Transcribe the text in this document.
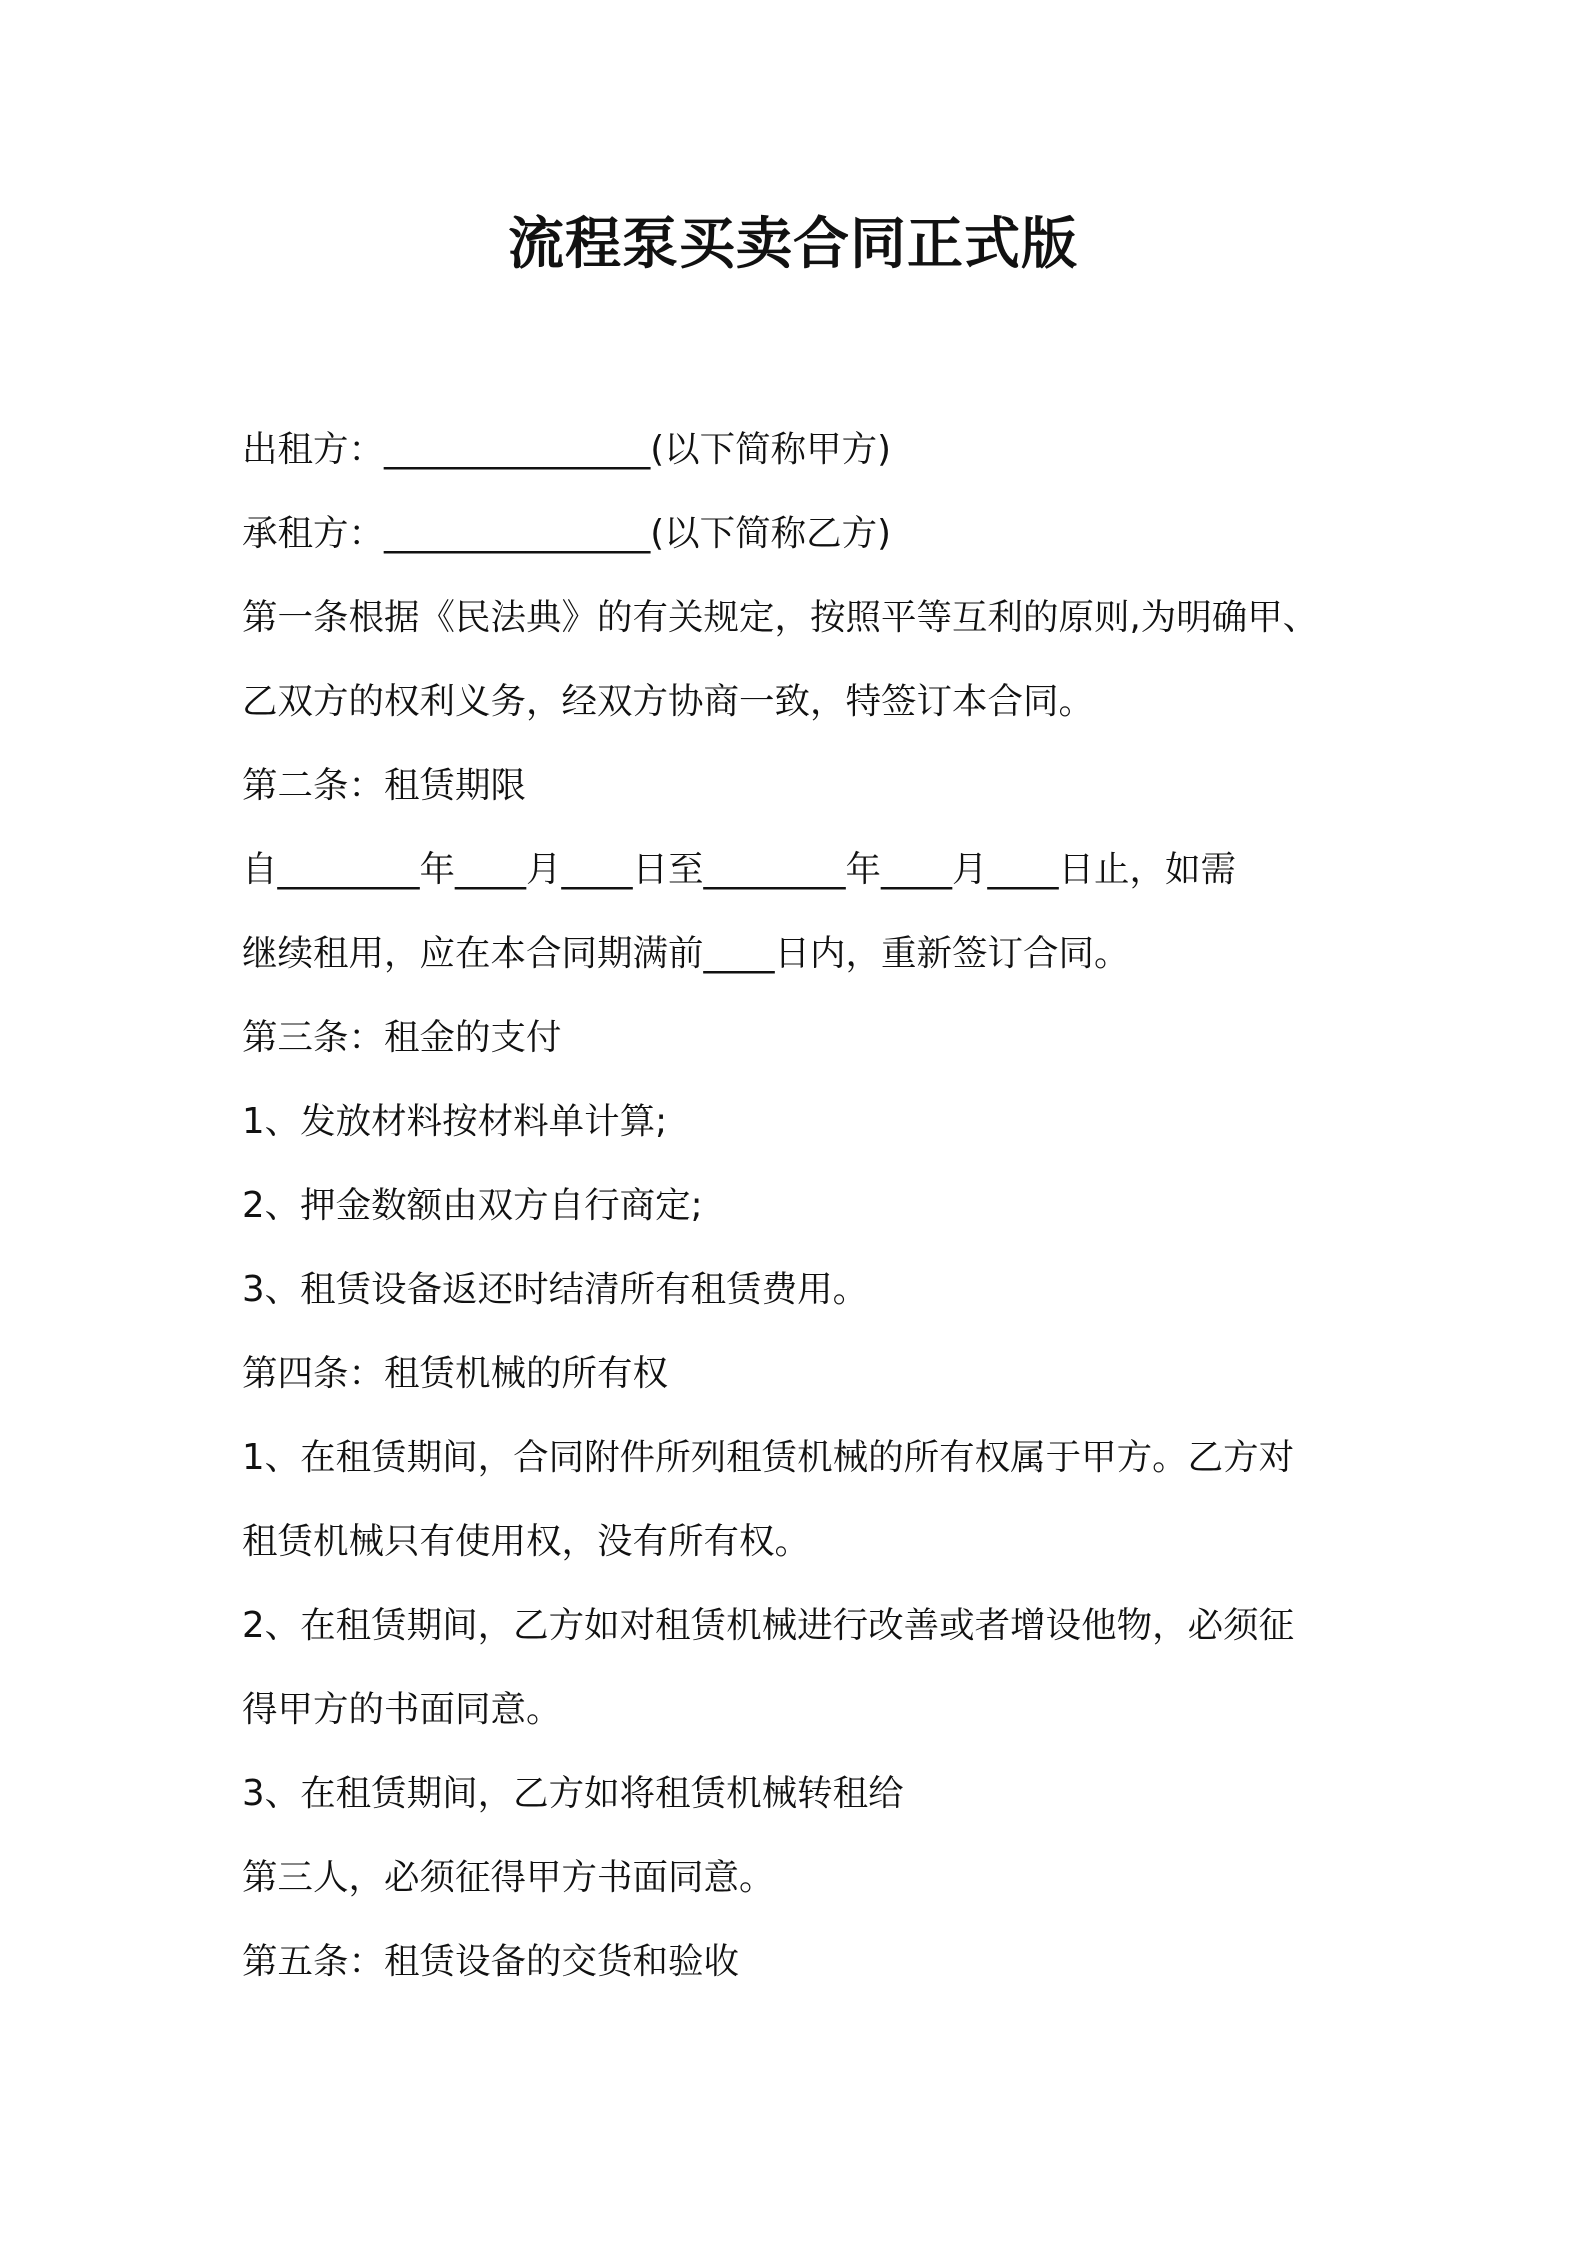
流程泵买卖合同正式版
出租方：_______________(以下简称甲方)
承租方：_______________(以下简称乙方)
第一条根据《民法典》的有关规定，按照平等互利的原则,为明确甲、
乙双方的权利义务，经双方协商一致，特签订本合同。
第二条：租赁期限
自________年____月____日至________年____月____日止，如需
继续租用，应在本合同期满前____日内，重新签订合同。
第三条：租金的支付
1、发放材料按材料单计算;
2、押金数额由双方自行商定;
3、租赁设备返还时结清所有租赁费用。
第四条：租赁机械的所有权
1、在租赁期间，合同附件所列租赁机械的所有权属于甲方。乙方对
租赁机械只有使用权，没有所有权。
2、在租赁期间，乙方如对租赁机械进行改善或者增设他物，必须征
得甲方的书面同意。
3、在租赁期间，乙方如将租赁机械转租给
第三人，必须征得甲方书面同意。
第五条：租赁设备的交货和验收
